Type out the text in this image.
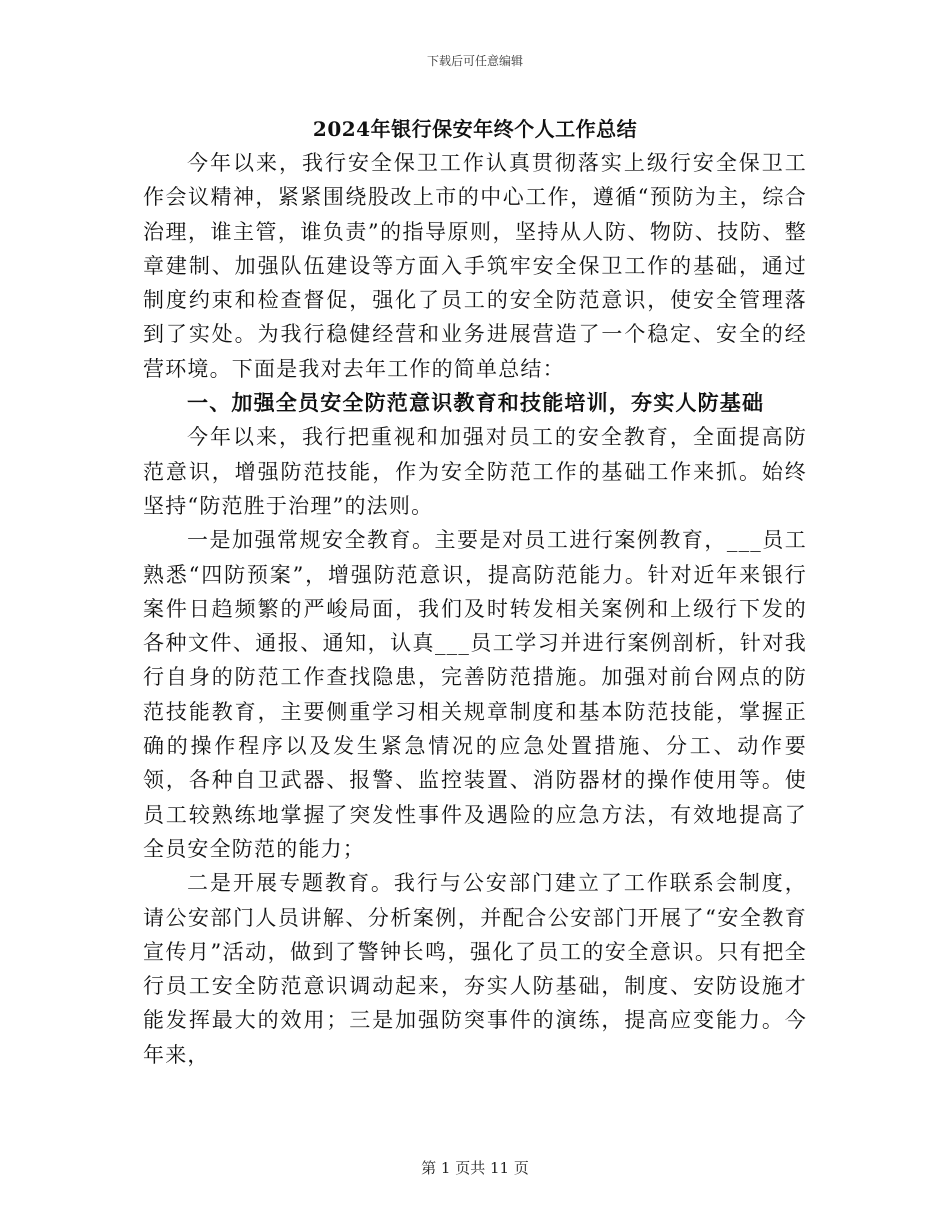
下载后可任意编辑
2024年银行保安年终个人工作总结

今年以来，我行安全保卫工作认真贯彻落实上级行安全保卫工作会议精神，紧紧围绕股改上市的中心工作，遵循“预防为主，综合治理，谁主管，谁负责”的指导原则，坚持从人防、物防、技防、整章建制、加强队伍建设等方面入手筑牢安全保卫工作的基础，通过制度约束和检查督促，强化了员工的安全防范意识，使安全管理落到了实处。为我行稳健经营和业务进展营造了一个稳定、安全的经营环境。下面是我对去年工作的简单总结：

一、加强全员安全防范意识教育和技能培训，夯实人防基础

今年以来，我行把重视和加强对员工的安全教育，全面提高防范意识，增强防范技能，作为安全防范工作的基础工作来抓。始终坚持“防范胜于治理”的法则。

一是加强常规安全教育。主要是对员工进行案例教育，___员工熟悉“四防预案”，增强防范意识，提高防范能力。针对近年来银行案件日趋频繁的严峻局面，我们及时转发相关案例和上级行下发的各种文件、通报、通知，认真___员工学习并进行案例剖析，针对我行自身的防范工作查找隐患，完善防范措施。加强对前台网点的防范技能教育，主要侧重学习相关规章制度和基本防范技能，掌握正确的操作程序以及发生紧急情况的应急处置措施、分工、动作要领，各种自卫武器、报警、监控装置、消防器材的操作使用等。使员工较熟练地掌握了突发性事件及遇险的应急方法，有效地提高了全员安全防范的能力；

二是开展专题教育。我行与公安部门建立了工作联系会制度，请公安部门人员讲解、分析案例，并配合公安部门开展了“安全教育宣传月”活动，做到了警钟长鸣，强化了员工的安全意识。只有把全行员工安全防范意识调动起来，夯实人防基础，制度、安防设施才能发挥最大的效用；三是加强防突事件的演练，提高应变能力。今年来，

第 1 页共 11 页
